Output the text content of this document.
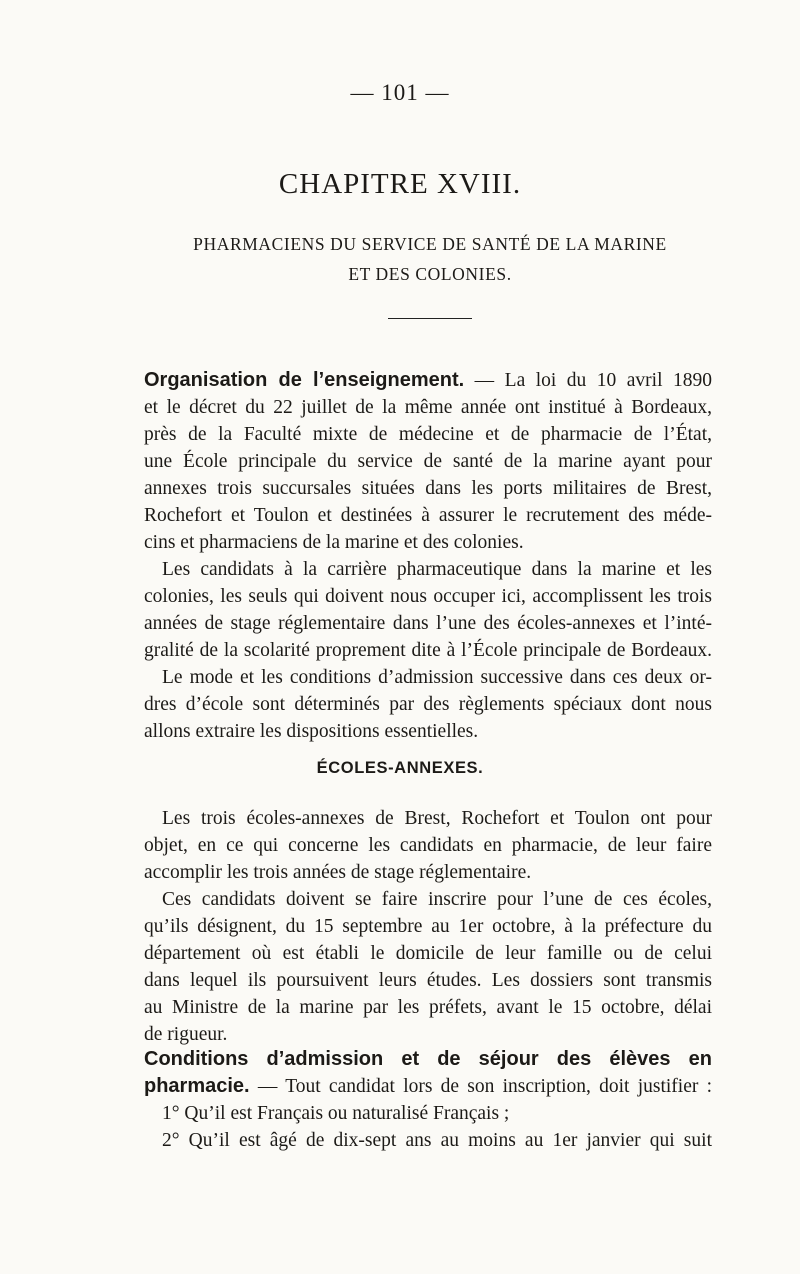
— 101 —
CHAPITRE XVIII.
PHARMACIENS DU SERVICE DE SANTÉ DE LA MARINE
ET DES COLONIES.
Organisation de l’enseignement. — La loi du 10 avril 1890
et le décret du 22 juillet de la même année ont institué à Bordeaux,
près de la Faculté mixte de médecine et de pharmacie de l’État,
une École principale du service de santé de la marine ayant pour
annexes trois succursales situées dans les ports militaires de Brest,
Rochefort et Toulon et destinées à assurer le recrutement des méde-
cins et pharmaciens de la marine et des colonies.
Les candidats à la carrière pharmaceutique dans la marine et les
colonies, les seuls qui doivent nous occuper ici, accomplissent les trois
années de stage réglementaire dans l’une des écoles-annexes et l’inté-
gralité de la scolarité proprement dite à l’École principale de Bordeaux.
Le mode et les conditions d’admission successive dans ces deux or-
dres d’école sont déterminés par des règlements spéciaux dont nous
allons extraire les dispositions essentielles.
ÉCOLES-ANNEXES.
Les trois écoles-annexes de Brest, Rochefort et Toulon ont pour
objet, en ce qui concerne les candidats en pharmacie, de leur faire
accomplir les trois années de stage réglementaire.
Ces candidats doivent se faire inscrire pour l’une de ces écoles,
qu’ils désignent, du 15 septembre au 1er octobre, à la préfecture du
département où est établi le domicile de leur famille ou de celui
dans lequel ils poursuivent leurs études. Les dossiers sont transmis
au Ministre de la marine par les préfets, avant le 15 octobre, délai
de rigueur.
Conditions d’admission et de séjour des élèves en
pharmacie. — Tout candidat lors de son inscription, doit justifier :
1° Qu’il est Français ou naturalisé Français ;
2° Qu’il est âgé de dix-sept ans au moins au 1er janvier qui suit
